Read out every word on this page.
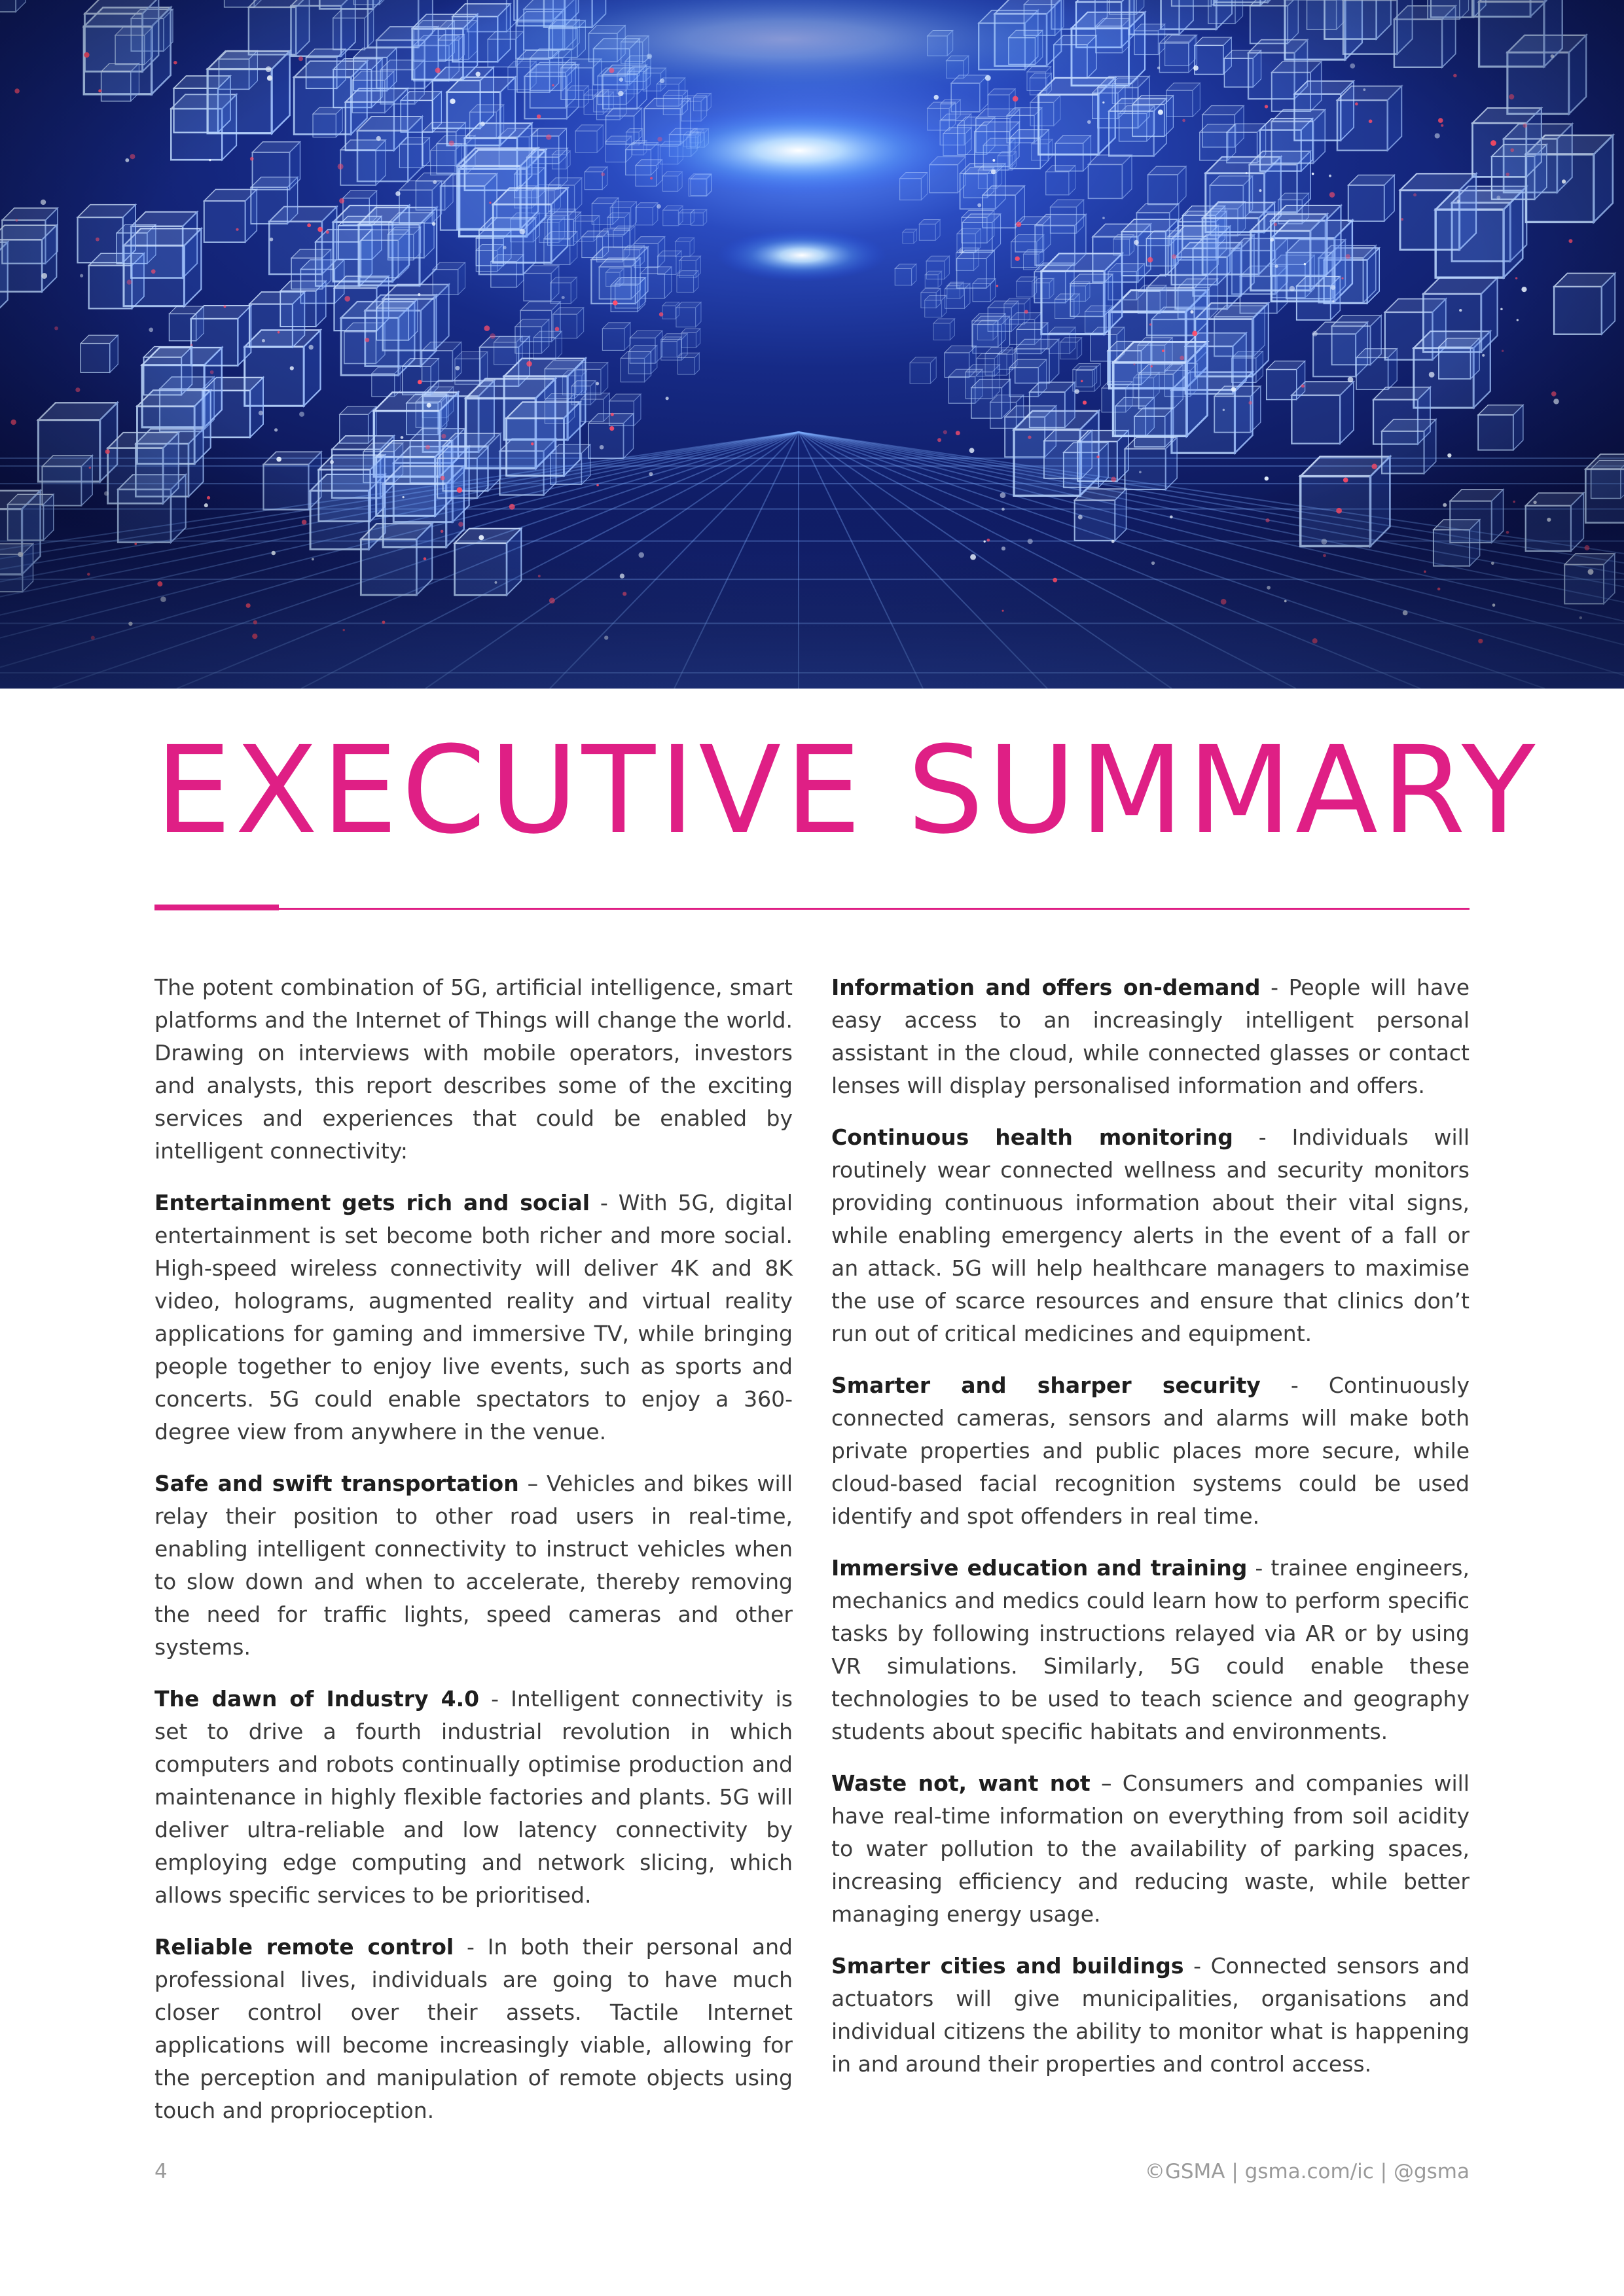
EXECUTIVE SUMMARY

The potent combination of 5G, artificial intelligence, smart platforms and the Internet of Things will change the world. Drawing on interviews with mobile operators, investors and analysts, this report describes some of the exciting services and experiences that could be enabled by intelligent connectivity:

Entertainment gets rich and social - With 5G, digital entertainment is set become both richer and more social. High-speed wireless connectivity will deliver 4K and 8K video, holograms, augmented reality and virtual reality applications for gaming and immersive TV, while bringing people together to enjoy live events, such as sports and concerts. 5G could enable spectators to enjoy a 360-degree view from anywhere in the venue.

Safe and swift transportation – Vehicles and bikes will relay their position to other road users in real-time, enabling intelligent connectivity to instruct vehicles when to slow down and when to accelerate, thereby removing the need for traffic lights, speed cameras and other systems.

The dawn of Industry 4.0 - Intelligent connectivity is set to drive a fourth industrial revolution in which computers and robots continually optimise production and maintenance in highly flexible factories and plants. 5G will deliver ultra-reliable and low latency connectivity by employing edge computing and network slicing, which allows specific services to be prioritised.

Reliable remote control - In both their personal and professional lives, individuals are going to have much closer control over their assets. Tactile Internet applications will become increasingly viable, allowing for the perception and manipulation of remote objects using touch and proprioception.

Information and offers on-demand - People will have easy access to an increasingly intelligent personal assistant in the cloud, while connected glasses or contact lenses will display personalised information and offers.

Continuous health monitoring - Individuals will routinely wear connected wellness and security monitors providing continuous information about their vital signs, while enabling emergency alerts in the event of a fall or an attack. 5G will help healthcare managers to maximise the use of scarce resources and ensure that clinics don’t run out of critical medicines and equipment.

Smarter and sharper security - Continuously connected cameras, sensors and alarms will make both private properties and public places more secure, while cloud-based facial recognition systems could be used identify and spot offenders in real time.

Immersive education and training - trainee engineers, mechanics and medics could learn how to perform specific tasks by following instructions relayed via AR or by using VR simulations. Similarly, 5G could enable these technologies to be used to teach science and geography students about specific habitats and environments.

Waste not, want not – Consumers and companies will have real-time information on everything from soil acidity to water pollution to the availability of parking spaces, increasing efficiency and reducing waste, while better managing energy usage.

Smarter cities and buildings - Connected sensors and actuators will give municipalities, organisations and individual citizens the ability to monitor what is happening in and around their properties and control access.

4	©GSMA | gsma.com/ic | @gsma
